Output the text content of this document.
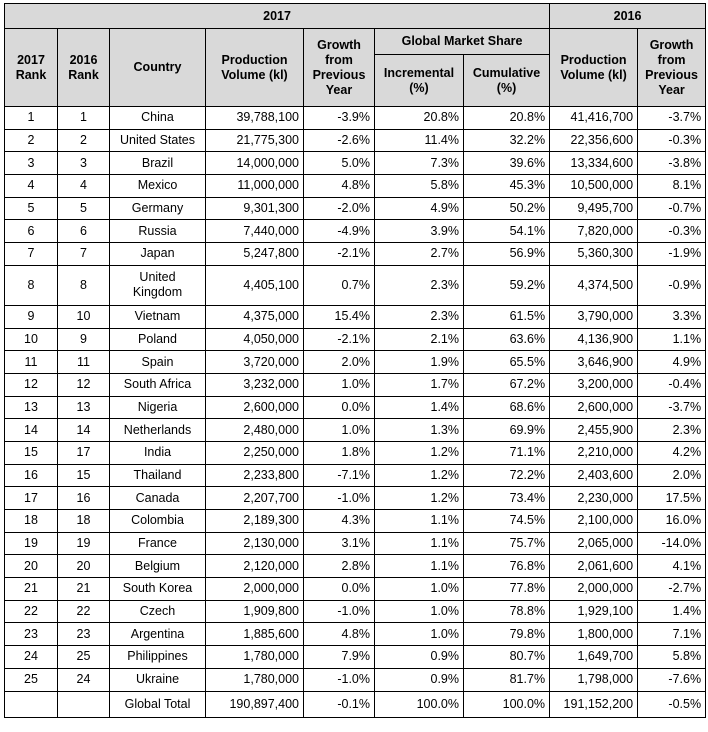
2017							2016	
2017 Rank	2016 Rank	Country	Production Volume (kl)	Growth from Previous Year	Global Market Share		Production Volume (kl)	Growth from Previous Year
					Incremental (%)	Cumulative (%)		
1	1	China	39,788,100	-3.9%	20.8%	20.8%	41,416,700	-3.7%
2	2	United States	21,775,300	-2.6%	11.4%	32.2%	22,356,600	-0.3%
3	3	Brazil	14,000,000	5.0%	7.3%	39.6%	13,334,600	-3.8%
4	4	Mexico	11,000,000	4.8%	5.8%	45.3%	10,500,000	8.1%
5	5	Germany	9,301,300	-2.0%	4.9%	50.2%	9,495,700	-0.7%
6	6	Russia	7,440,000	-4.9%	3.9%	54.1%	7,820,000	-0.3%
7	7	Japan	5,247,800	-2.1%	2.7%	56.9%	5,360,300	-1.9%
8	8	United Kingdom	4,405,100	0.7%	2.3%	59.2%	4,374,500	-0.9%
9	10	Vietnam	4,375,000	15.4%	2.3%	61.5%	3,790,000	3.3%
10	9	Poland	4,050,000	-2.1%	2.1%	63.6%	4,136,900	1.1%
11	11	Spain	3,720,000	2.0%	1.9%	65.5%	3,646,900	4.9%
12	12	South Africa	3,232,000	1.0%	1.7%	67.2%	3,200,000	-0.4%
13	13	Nigeria	2,600,000	0.0%	1.4%	68.6%	2,600,000	-3.7%
14	14	Netherlands	2,480,000	1.0%	1.3%	69.9%	2,455,900	2.3%
15	17	India	2,250,000	1.8%	1.2%	71.1%	2,210,000	4.2%
16	15	Thailand	2,233,800	-7.1%	1.2%	72.2%	2,403,600	2.0%
17	16	Canada	2,207,700	-1.0%	1.2%	73.4%	2,230,000	17.5%
18	18	Colombia	2,189,300	4.3%	1.1%	74.5%	2,100,000	16.0%
19	19	France	2,130,000	3.1%	1.1%	75.7%	2,065,000	-14.0%
20	20	Belgium	2,120,000	2.8%	1.1%	76.8%	2,061,600	4.1%
21	21	South Korea	2,000,000	0.0%	1.0%	77.8%	2,000,000	-2.7%
22	22	Czech	1,909,800	-1.0%	1.0%	78.8%	1,929,100	1.4%
23	23	Argentina	1,885,600	4.8%	1.0%	79.8%	1,800,000	7.1%
24	25	Philippines	1,780,000	7.9%	0.9%	80.7%	1,649,700	5.8%
25	24	Ukraine	1,780,000	-1.0%	0.9%	81.7%	1,798,000	-7.6%
		Global Total	190,897,400	-0.1%	100.0%	100.0%	191,152,200	-0.5%
